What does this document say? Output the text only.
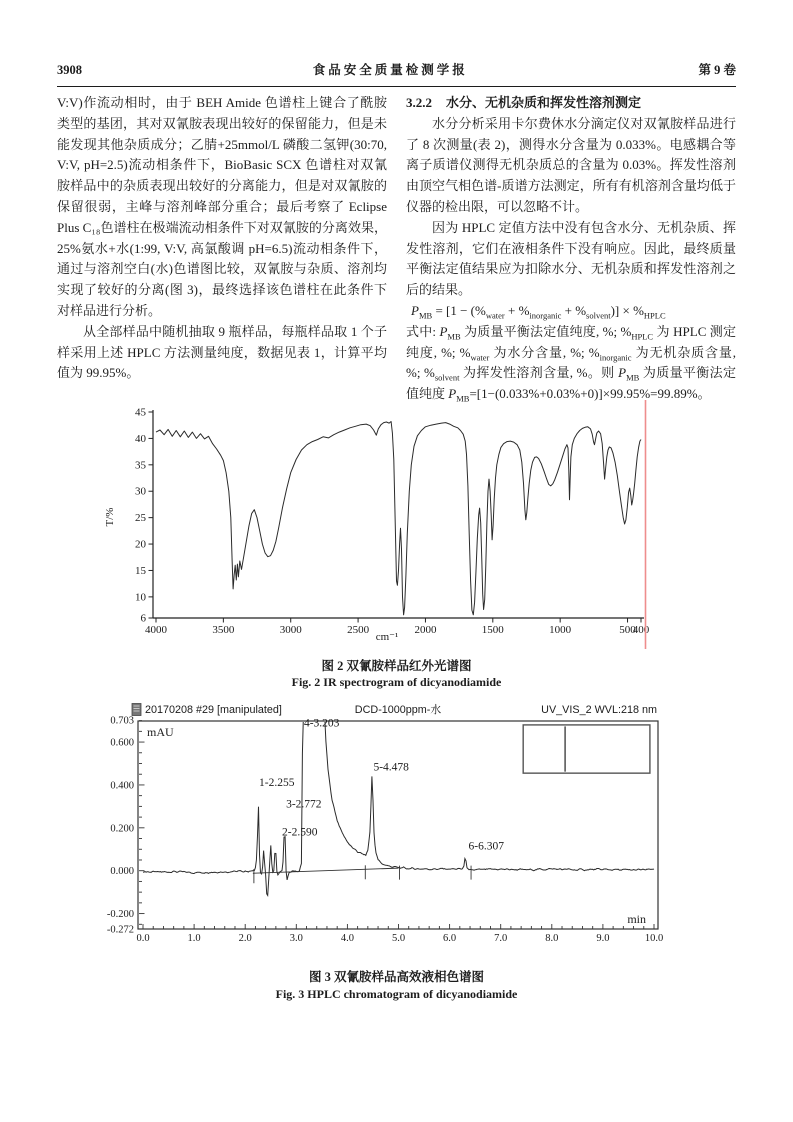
3908	食品安全质量检测学报	第 9 卷

V:V)作流动相时，由于 BEH Amide 色谱柱上键合了酰胺类型的基团，其对双氰胺表现出较好的保留能力，但是未能发现其他杂质成分；乙腈+25mmol/L 磷酸二氢钾(30:70, V:V, pH=2.5)流动相条件下，BioBasic SCX 色谱柱对双氰胺样品中的杂质表现出较好的分离能力，但是对双氰胺的保留很弱，主峰与溶剂峰部分重合；最后考察了 Eclipse Plus C₁₈色谱柱在极端流动相条件下对双氰胺的分离效果，25%氨水+水(1:99, V:V, 高氯酸调 pH=6.5)流动相条件下，通过与溶剂空白(水)色谱图比较，双氰胺与杂质、溶剂均实现了较好的分离(图 3)，最终选择该色谱柱在此条件下对样品进行分析。

从全部样品中随机抽取 9 瓶样品，每瓶样品取 1 个子样采用上述 HPLC 方法测量纯度，数据见表 1，计算平均值为 99.95%。

3.2.2 水分、无机杂质和挥发性溶剂测定

水分分析采用卡尔费休水分滴定仪对双氰胺样品进行了 8 次测量(表 2)，测得水分含量为 0.033%。电感耦合等离子质谱仪测得无机杂质总的含量为 0.03%。挥发性溶剂由顶空气相色谱-质谱方法测定，所有有机溶剂含量均低于仪器的检出限，可以忽略不计。

因为 HPLC 定值方法中没有包含水分、无机杂质、挥发性溶剂，它们在液相条件下没有响应。因此，最终质量平衡法定值结果应为扣除水分、无机杂质和挥发性溶剂之后的结果。

$P_{MB} = [1 - (\%_{water} + \%_{inorganic} + \%_{solvent})] \times \%_{HPLC}$

式中: $P_{MB}$ 为质量平衡法定值纯度, %; $\%_{HPLC}$ 为 HPLC 测定纯度, %; $\%_{water}$ 为水分含量, %; $\%_{inorganic}$ 为无机杂质含量, %; $\%_{solvent}$ 为挥发性溶剂含量, %。则 $P_{MB}$ 为质量平衡法定值纯度 $P_{MB}=[1-(0.033\%+0.03\%+0)]\times 99.95\%=99.89\%$。

45
40
35
30
25
20
15
10
6
4000	3500	3000	2500	2000	1500	1000	500
400
cm⁻¹
T/%

图 2 双氰胺样品红外光谱图

Fig. 2 IR spectrogram of dicyanodiamide

20170208 #29 [manipulated]	DCD-1000ppm-水	UV_VIS_2 WVL:218 nm
mAU
min
0.703
0.600
0.400
0.200
0.000
-0.200
-0.272
0.0	1.0	2.0	3.0	4.0	5.0	6.0	7.0	8.0	9.0	10.0
1-2.255
2-2.590
3-2.772
4-3.203
5-4.478
6-6.307

图 3 双氰胺样品高效液相色谱图

Fig. 3 HPLC chromatogram of dicyanodiamide
